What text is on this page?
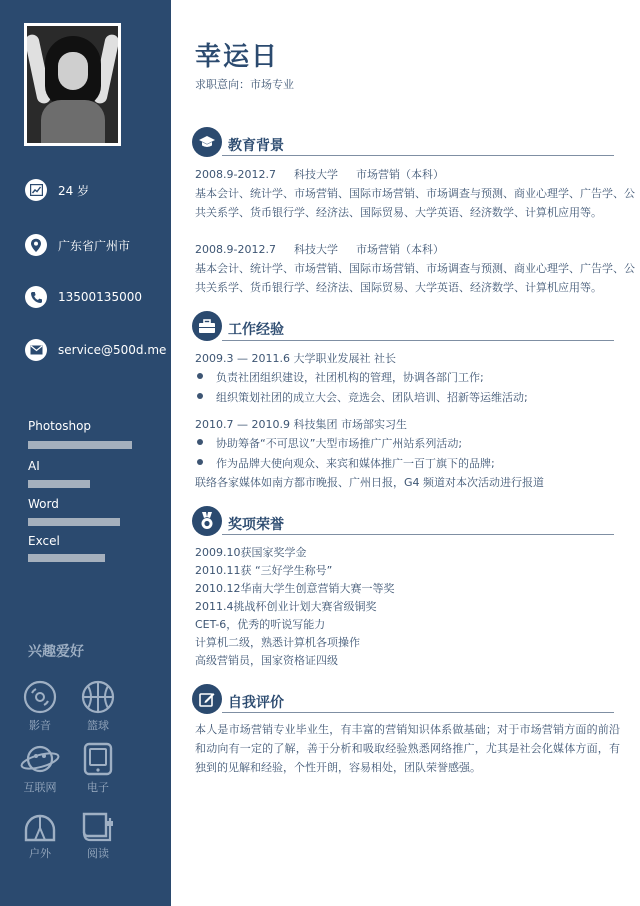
24 岁
广东省广州市
13500135000
service@500d.me
Photoshop
AI
Word
Excel
兴趣爱好
影音	篮球
互联网	电子
户外	阅读
幸运日
求职意向：市场专业
教育背景
2008.9-2012.7 科技大学 市场营销（本科）
基本会计、统计学、市场营销、国际市场营销、市场调查与预测、商业心理学、广告学、公
共关系学、货币银行学、经济法、国际贸易、大学英语、经济数学、计算机应用等。
2008.9-2012.7 科技大学 市场营销（本科）
基本会计、统计学、市场营销、国际市场营销、市场调查与预测、商业心理学、广告学、公
共关系学、货币银行学、经济法、国际贸易、大学英语、经济数学、计算机应用等。
工作经验
2009.3 — 2011.6 大学职业发展社 社长
负责社团组织建设，社团机构的管理，协调各部门工作;
组织策划社团的成立大会、竞选会、团队培训、招新等运维活动;
2010.7 — 2010.9 科技集团 市场部实习生
协助筹备“不可思议”大型市场推广广州站系列活动;
作为品牌大使向观众、来宾和媒体推广一百丁旗下的品牌;
联络各家媒体如南方都市晚报、广州日报，G4 频道对本次活动进行报道
奖项荣誉
2009.10获国家奖学金
2010.11获 “三好学生称号”
2010.12华南大学生创意营销大赛一等奖
2011.4挑战杯创业计划大赛省级铜奖
CET-6，优秀的听说写能力
计算机二级，熟悉计算机各项操作
高级营销员，国家资格证四级
自我评价
本人是市场营销专业毕业生，有丰富的营销知识体系做基础；对于市场营销方面的前沿和动向有一定的了解，善于分析和吸取经验熟悉网络推广，尤其是社会化媒体方面，有独到的见解和经验，个性开朗，容易相处，团队荣誉感强。
